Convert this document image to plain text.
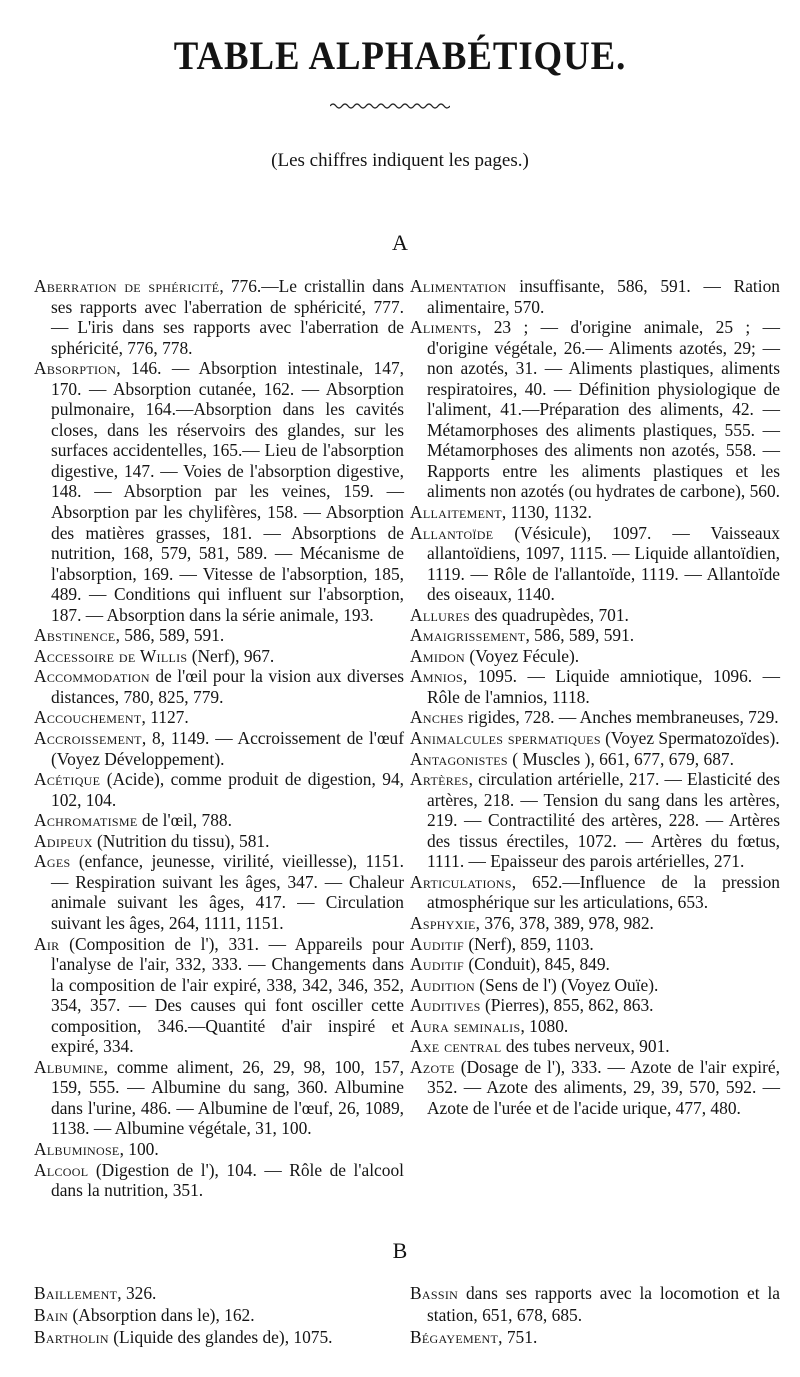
TABLE ALPHABÉTIQUE.
(Les chiffres indiquent les pages.)
A
Aberration de sphéricité, 776.—Le cristallin dans ses rapports avec l'aberration de sphéricité, 777. — L'iris dans ses rapports avec l'aberration de sphéricité, 776, 778.
Absorption, 146. — Absorption intestinale, 147, 170. — Absorption cutanée, 162. — Absorption pulmonaire, 164.—Absorption dans les cavités closes, dans les réservoirs des glandes, sur les surfaces accidentelles, 165.— Lieu de l'absorption digestive, 147. — Voies de l'absorption digestive, 148. — Absorption par les veines, 159. — Absorption par les chylifères, 158. — Absorption des matières grasses, 181. — Absorptions de nutrition, 168, 579, 581, 589. — Mécanisme de l'absorption, 169. — Vitesse de l'absorption, 185, 489. — Conditions qui influent sur l'absorption, 187. — Absorption dans la série animale, 193.
Abstinence, 586, 589, 591.
Accessoire de Willis (Nerf), 967.
Accommodation de l'œil pour la vision aux diverses distances, 780, 825, 779.
Accouchement, 1127.
Accroissement, 8, 1149. — Accroissement de l'œuf (Voyez Développement).
Acétique (Acide), comme produit de digestion, 94, 102, 104.
Achromatisme de l'œil, 788.
Adipeux (Nutrition du tissu), 581.
Ages (enfance, jeunesse, virilité, vieillesse), 1151. — Respiration suivant les âges, 347. — Chaleur animale suivant les âges, 417. — Circulation suivant les âges, 264, 1111, 1151.
Air (Composition de l'), 331. — Appareils pour l'analyse de l'air, 332, 333. — Changements dans la composition de l'air expiré, 338, 342, 346, 352, 354, 357. — Des causes qui font osciller cette composition, 346.—Quantité d'air inspiré et expiré, 334.
Albumine, comme aliment, 26, 29, 98, 100, 157, 159, 555. — Albumine du sang, 360. Albumine dans l'urine, 486. — Albumine de l'œuf, 26, 1089, 1138. — Albumine végétale, 31, 100.
Albuminose, 100.
Alcool (Digestion de l'), 104. — Rôle de l'alcool dans la nutrition, 351.
Alimentation insuffisante, 586, 591. — Ration alimentaire, 570.
Aliments, 23 ; — d'origine animale, 25 ; — d'origine végétale, 26.— Aliments azotés, 29; — non azotés, 31. — Aliments plastiques, aliments respiratoires, 40. — Définition physiologique de l'aliment, 41.—Préparation des aliments, 42. — Métamorphoses des aliments plastiques, 555. — Métamorphoses des aliments non azotés, 558. — Rapports entre les aliments plastiques et les aliments non azotés (ou hydrates de carbone), 560.
Allaitement, 1130, 1132.
Allantoïde (Vésicule), 1097. — Vaisseaux allantoïdiens, 1097, 1115. — Liquide allantoïdien, 1119. — Rôle de l'allantoïde, 1119. — Allantoïde des oiseaux, 1140.
Allures des quadrupèdes, 701.
Amaigrissement, 586, 589, 591.
Amidon (Voyez Fécule).
Amnios, 1095. — Liquide amniotique, 1096. — Rôle de l'amnios, 1118.
Anches rigides, 728. — Anches membraneuses, 729.
Animalcules spermatiques (Voyez Spermatozoïdes).
Antagonistes ( Muscles ), 661, 677, 679, 687.
Artères, circulation artérielle, 217. — Elasticité des artères, 218. — Tension du sang dans les artères, 219. — Contractilité des artères, 228. — Artères des tissus érectiles, 1072. — Artères du fœtus, 1111. — Epaisseur des parois artérielles, 271.
Articulations, 652.—Influence de la pression atmosphérique sur les articulations, 653.
Asphyxie, 376, 378, 389, 978, 982.
Auditif (Nerf), 859, 1103.
Auditif (Conduit), 845, 849.
Audition (Sens de l') (Voyez Ouïe).
Auditives (Pierres), 855, 862, 863.
Aura seminalis, 1080.
Axe central des tubes nerveux, 901.
Azote (Dosage de l'), 333. — Azote de l'air expiré, 352. — Azote des aliments, 29, 39, 570, 592. — Azote de l'urée et de l'acide urique, 477, 480.
B
Baillement, 326.
Bain (Absorption dans le), 162.
Bartholin (Liquide des glandes de), 1075.
Bassin dans ses rapports avec la locomotion et la station, 651, 678, 685.
Bégayement, 751.
